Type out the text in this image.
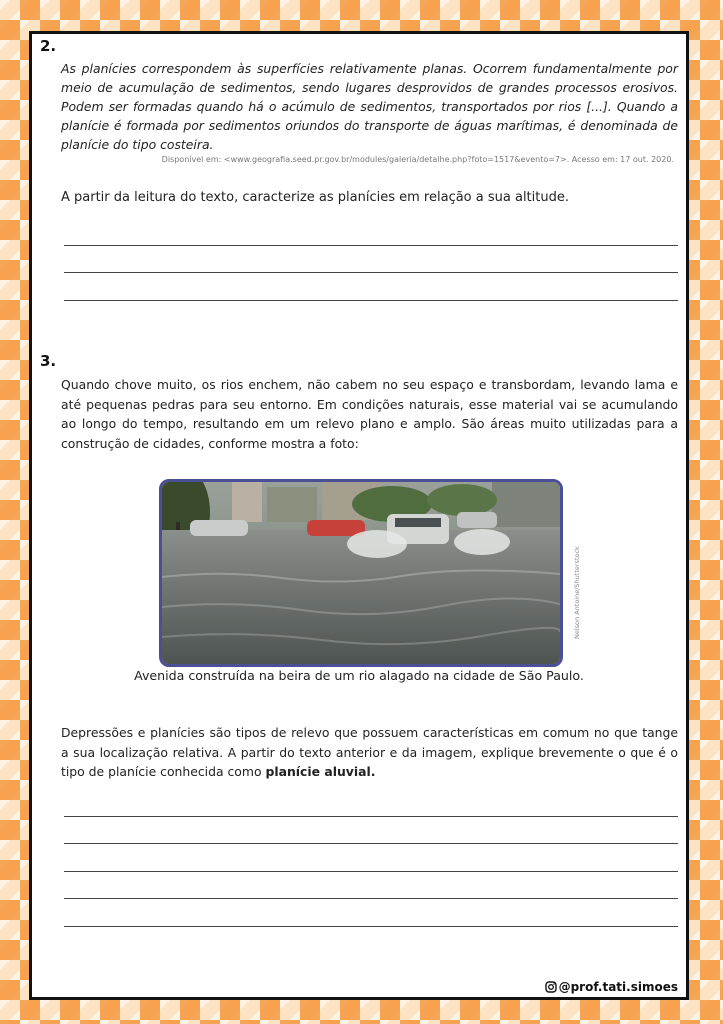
2.

As planícies correspondem às superfícies relativamente planas. Ocorrem fundamentalmente por meio de acumulação de sedimentos, sendo lugares desprovidos de grandes processos erosivos. Podem ser formadas quando há o acúmulo de sedimentos, transportados por rios [...]. Quando a planície é formada por sedimentos oriundos do transporte de águas marítimas, é denominada de planície do tipo costeira.

Disponível em: <www.geografia.seed.pr.gov.br/modules/galeria/detalhe.php?foto=1517&evento=7>. Acesso em: 17 out. 2020.

A partir da leitura do texto, caracterize as planícies em relação a sua altitude.

3.

Quando chove muito, os rios enchem, não cabem no seu espaço e transbordam, levando lama e até pequenas pedras para seu entorno. Em condições naturais, esse material vai se acumulando ao longo do tempo, resultando em um relevo plano e amplo. São áreas muito utilizadas para a construção de cidades, conforme mostra a foto:

Nelson Antoine/Shutterstock
Avenida construída na beira de um rio alagado na cidade de São Paulo.

Depressões e planícies são tipos de relevo que possuem características em comum no que tange a sua localização relativa. A partir do texto anterior e da imagem, explique brevemente o que é o tipo de planície conhecida como planície aluvial.

@prof.tati.simoes
